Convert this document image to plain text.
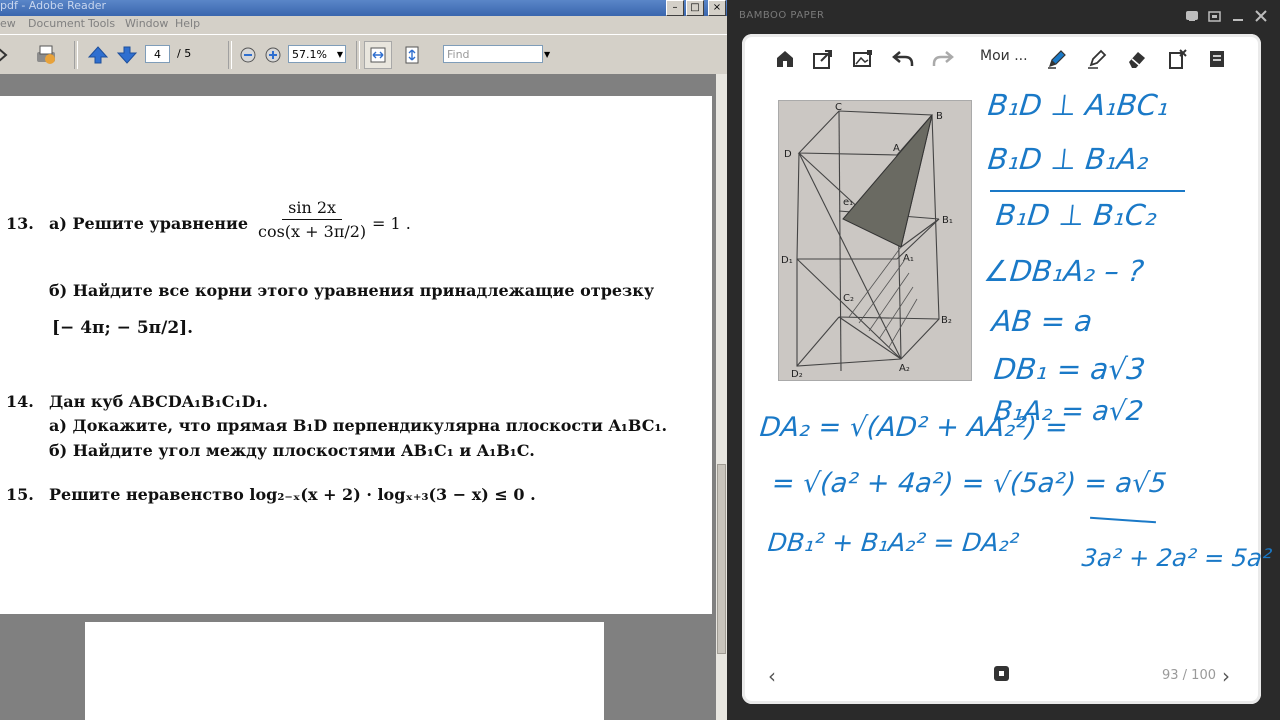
pdf - Adobe Reader	–	□	×
ew Document Tools Window Help
4	/ 5	57.1% ▼	Find	▼
13. а) Решите уравнение $\frac{\sin 2x}{\cos(x + 3\pi/2)} = 1$ .
б) Найдите все корни этого уравнения принадлежащие отрезку
[− 4π; − 5π/2].
14. Дан куб ABCDA₁B₁C₁D₁.
а) Докажите, что прямая B₁D перпендикулярна плоскости A₁BC₁.
б) Найдите угол между плоскостями AB₁C₁ и A₁B₁C.
15. Решите неравенство log₂₋ₓ(x + 2) · logₓ₊₃(3 − x) ≤ 0 .
BAMBOO PAPER
Мои ...
C
B
D
A
B₁
e₁
D₁	A₁
C₂
B₂
D₂
A₂
B₁D ⊥ A₁BC₁
B₁D ⊥ B₁A₂
B₁D ⊥ B₁C₂
∠DB₁A₂ – ?
AB = a
DB₁ = a√3
B₁A₂ = a√2
DA₂ = √(AD² + AA₂²) =
= √(a² + 4a²) = √(5a²) = a√5
DB₁² + B₁A₂² = DA₂²
3a² + 2a² = 5a²
‹	93 / 100 ›
